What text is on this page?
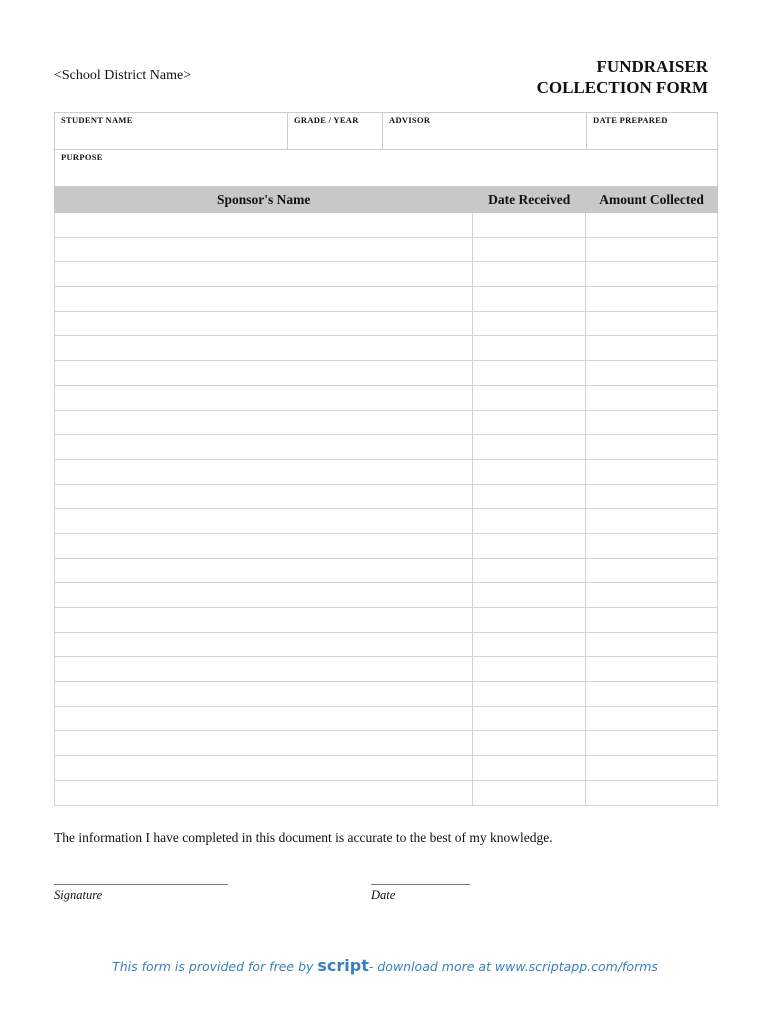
<School District Name>	FUNDRAISER
COLLECTION FORM
STUDENT NAME	GRADE / YEAR	ADVISOR	DATE PREPARED
PURPOSE
Sponsor's Name	Date Received	Amount Collected

The information I have completed in this document is accurate to the best of my knowledge.
Signature	Date
This form is provided for free by script- download more at www.scriptapp.com/forms
